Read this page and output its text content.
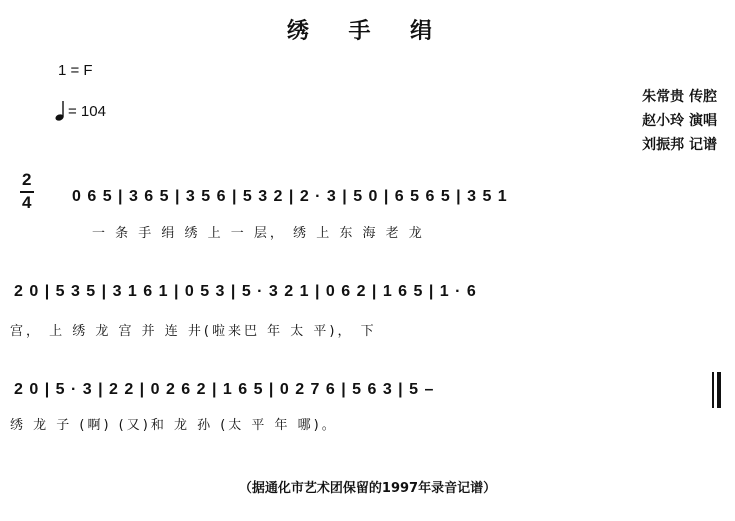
绣 手 绢
1 = F
= 104
朱常贵 传腔
赵小玲 演唱
刘振邦 记谱
2
4	0 6 5 | 3 6 5 | 3 5 6 | 5 3 2 | 2 · 3 | 5 0 | 6 5 6 5 | 3 5 1
一 条 手 绢 绣 上 一 层， 绣 上 东 海 老 龙
2 0 | 5 3 5 | 3 1 6 1 | 0 5 3 | 5 · 3 2 1 | 0 6 2 | 1 6 5 | 1 · 6
宫， 上 绣 龙 宫 并 连 井(啦来巴 年 太 平)， 下
2 0 | 5 · 3 | 2 2 | 0 2 6 2 | 1 6 5 | 0 2 7 6 | 5 6 3 | 5 –
绣 龙 子 (啊) (又)和 龙 孙 (太 平 年 哪)。
（据通化市艺术团保留的1997年录音记谱）
